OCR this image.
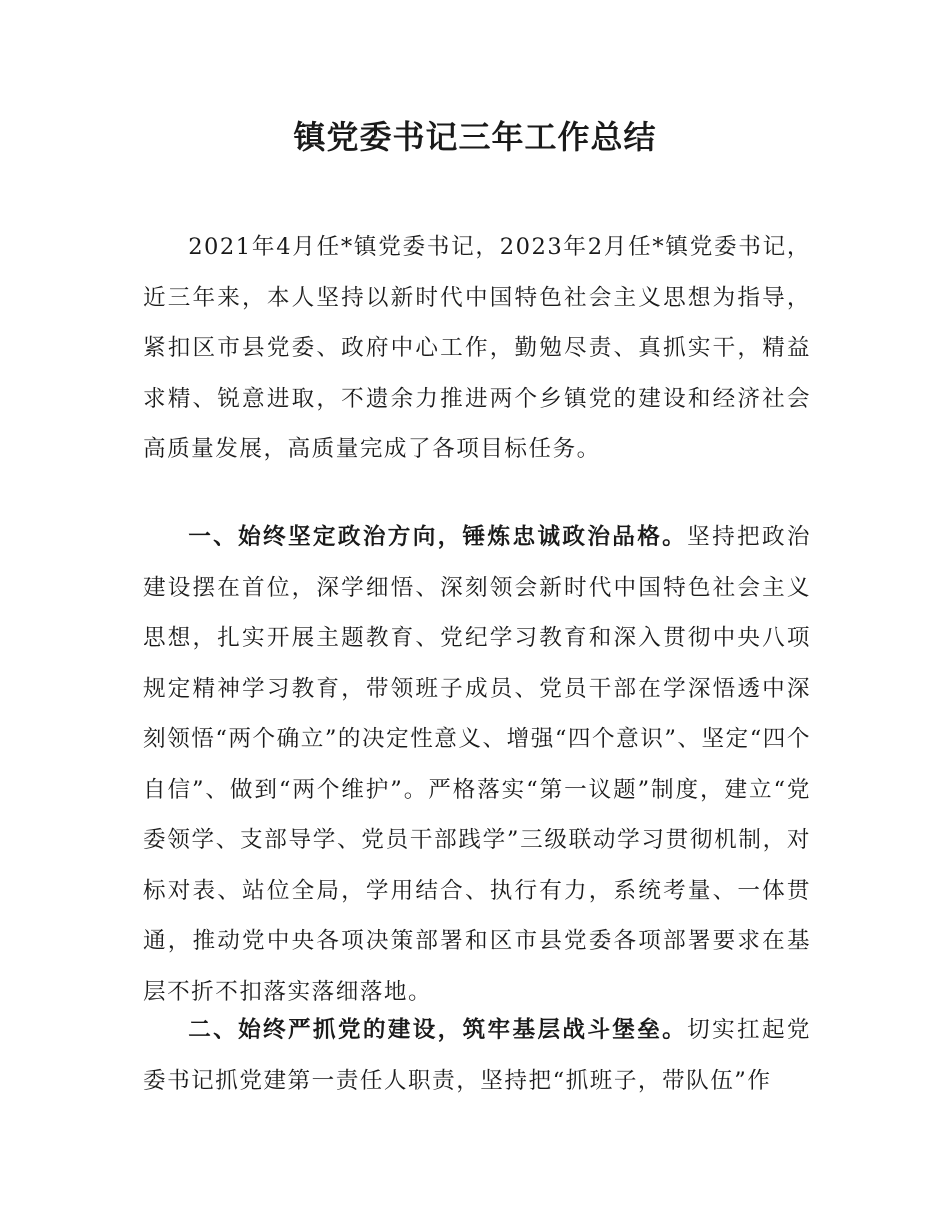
镇党委书记三年工作总结

2021年4月任*镇党委书记，2023年2月任*镇党委书记，近三年来，本人坚持以新时代中国特色社会主义思想为指导，紧扣区市县党委、政府中心工作，勤勉尽责、真抓实干，精益求精、锐意进取，不遗余力推进两个乡镇党的建设和经济社会高质量发展，高质量完成了各项目标任务。

一、始终坚定政治方向，锤炼忠诚政治品格。坚持把政治建设摆在首位，深学细悟、深刻领会新时代中国特色社会主义思想，扎实开展主题教育、党纪学习教育和深入贯彻中央八项规定精神学习教育，带领班子成员、党员干部在学深悟透中深刻领悟“两个确立”的决定性意义、增强“四个意识”、坚定“四个自信”、做到“两个维护”。严格落实“第一议题”制度，建立“党委领学、支部导学、党员干部践学”三级联动学习贯彻机制，对标对表、站位全局，学用结合、执行有力，系统考量、一体贯通，推动党中央各项决策部署和区市县党委各项部署要求在基层不折不扣落实落细落地。

二、始终严抓党的建设，筑牢基层战斗堡垒。切实扛起党委书记抓党建第一责任人职责，坚持把“抓班子，带队伍”作
